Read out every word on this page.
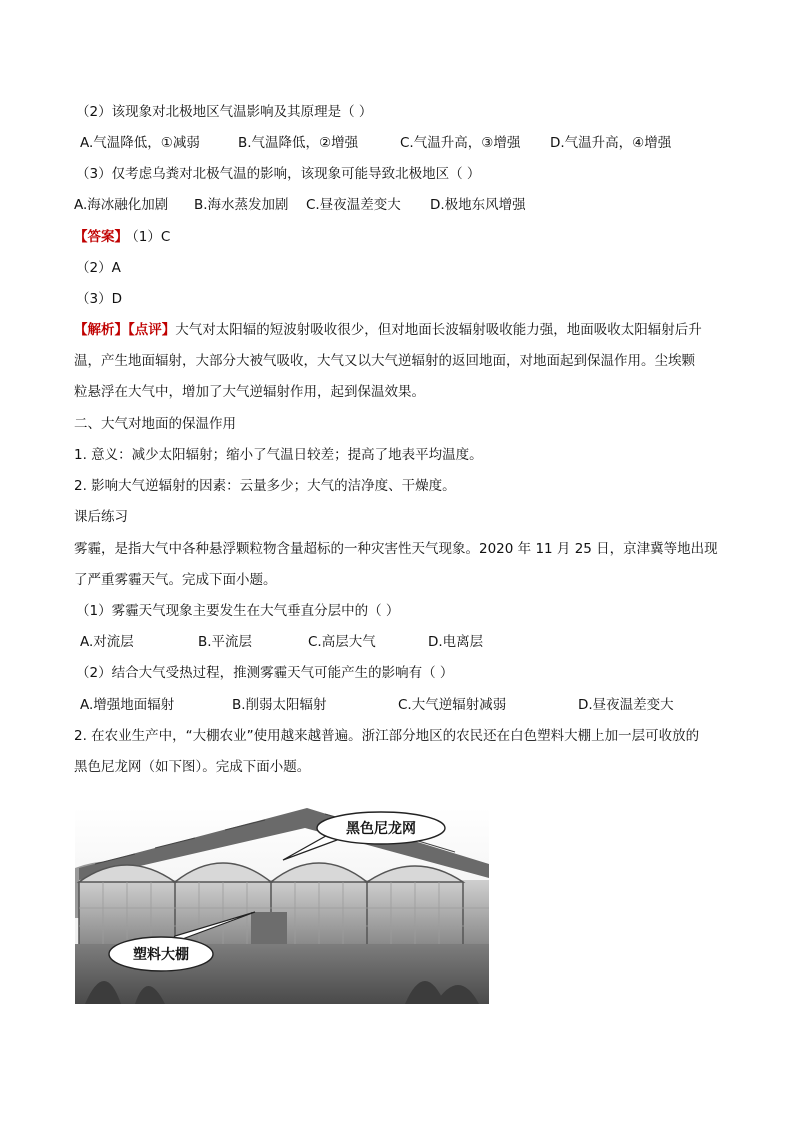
（2）该现象对北极地区气温影响及其原理是（ ）
A.气温降低，①减弱	B.气温降低，②增强	C.气温升高，③增强 D.气温升高，④增强
（3）仅考虑乌粪对北极气温的影响，该现象可能导致北极地区（ ）
A.海冰融化加剧 B.海水蒸发加剧 C.昼夜温差变大 D.极地东风增强
【答案】 （1）C
（2）A
（3）D
【解析】【点评】大气对太阳辐的短波射吸收很少，但对地面长波辐射吸收能力强，地面吸收太阳辐射后升
温，产生地面辐射，大部分大被气吸收，大气又以大气逆辐射的返回地面，对地面起到保温作用。尘埃颗
粒悬浮在大气中，增加了大气逆辐射作用，起到保温效果。
二、大气对地面的保温作用
1. 意义：减少太阳辐射；缩小了气温日较差；提高了地表平均温度。
2. 影响大气逆辐射的因素：云量多少；大气的洁净度、干燥度。
课后练习
雾霾，是指大气中各种悬浮颗粒物含量超标的一种灾害性天气现象。2020 年 11 月 25 日，京津冀等地出现
了严重雾霾天气。完成下面小题。
（1）雾霾天气现象主要发生在大气垂直分层中的（ ）
A.对流层	B.平流层	C.高层大气	D.电离层
（2）结合大气受热过程，推测雾霾天气可能产生的影响有（ ）
A.增强地面辐射	B.削弱太阳辐射	C.大气逆辐射减弱	D.昼夜温差变大
2. 在农业生产中，“大棚农业”使用越来越普遍。浙江部分地区的农民还在白色塑料大棚上加一层可收放的
黑色尼龙网（如下图）。完成下面小题。
黑色尼龙网
塑料大棚
